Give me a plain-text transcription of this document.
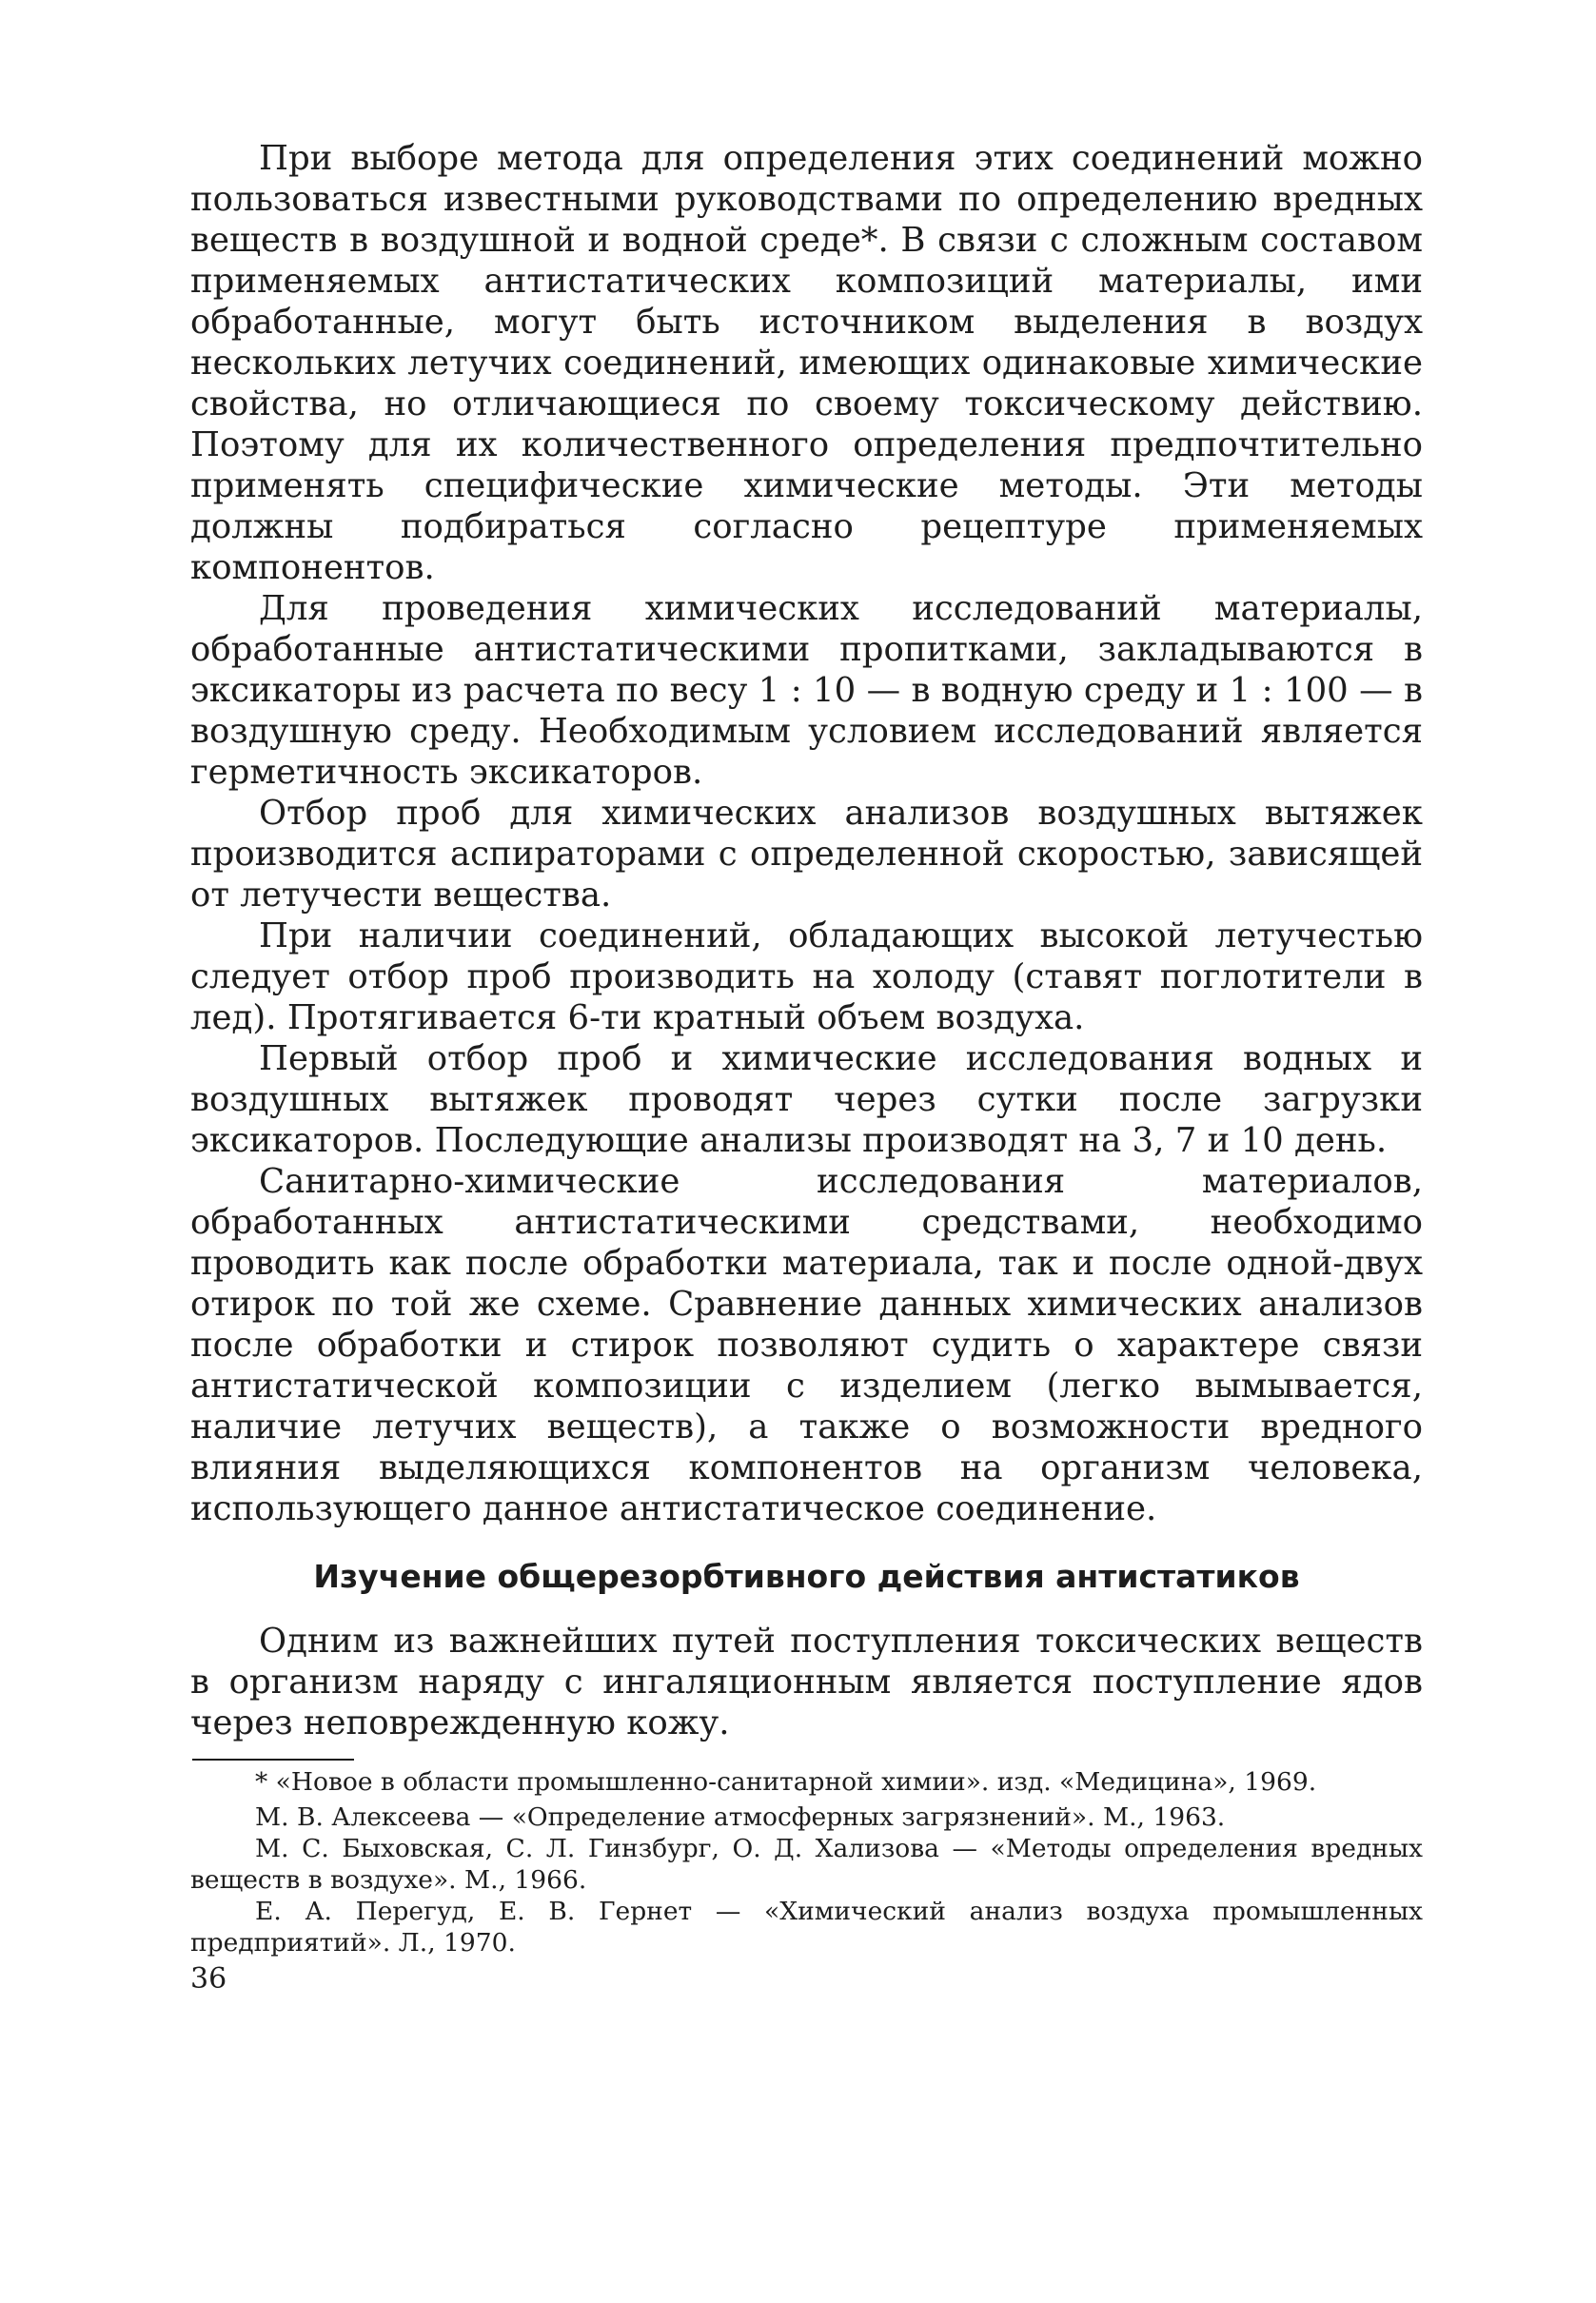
При выборе метода для определения этих соединений можно пользоваться известными руководствами по определению вредных веществ в воздушной и водной среде*. В связи с сложным составом применяемых антистатических композиций материалы, ими обработанные, могут быть источником выделения в воздух нескольких летучих соединений, имеющих одинаковые химические свойства, но отличающиеся по своему токсическому действию. Поэтому для их количественного определения предпочтительно применять специфические химические методы. Эти методы должны подбираться согласно рецептуре применяемых компонентов.

Для проведения химических исследований материалы, обработанные антистатическими пропитками, закладываются в эксикаторы из расчета по весу 1 : 10 — в водную среду и 1 : 100 — в воздушную среду. Необходимым условием исследований является герметичность эксикаторов.

Отбор проб для химических анализов воздушных вытяжек производится аспираторами с определенной скоростью, зависящей от летучести вещества.

При наличии соединений, обладающих высокой летучестью следует отбор проб производить на холоду (ставят поглотители в лед). Протягивается 6-ти кратный объем воздуха.

Первый отбор проб и химические исследования водных и воздушных вытяжек проводят через сутки после загрузки эксикаторов. Последующие анализы производят на 3, 7 и 10 день.

Санитарно-химические исследования материалов, обработанных антистатическими средствами, необходимо проводить как после обработки материала, так и после одной-двух отирок по той же схеме. Сравнение данных химических анализов после обработки и стирок позволяют судить о характере связи антистатической композиции с изделием (легко вымывается, наличие летучих веществ), а также о возможности вредного влияния выделяющихся компонентов на организм человека, использующего данное антистатическое соединение.

Изучение общерезорбтивного действия антистатиков

Одним из важнейших путей поступления токсических веществ в организм наряду с ингаляционным является поступление ядов через неповрежденную кожу.

* «Новое в области промышленно-санитарной химии». изд. «Медицина», 1969.

М. В. Алексеева — «Определение атмосферных загрязнений». М., 1963.

М. С. Быховская, С. Л. Гинзбург, О. Д. Хализова — «Методы определения вредных веществ в воздухе». М., 1966.

Е. А. Перегуд, Е. В. Гернет — «Химический анализ воздуха промышленных предприятий». Л., 1970.

36
